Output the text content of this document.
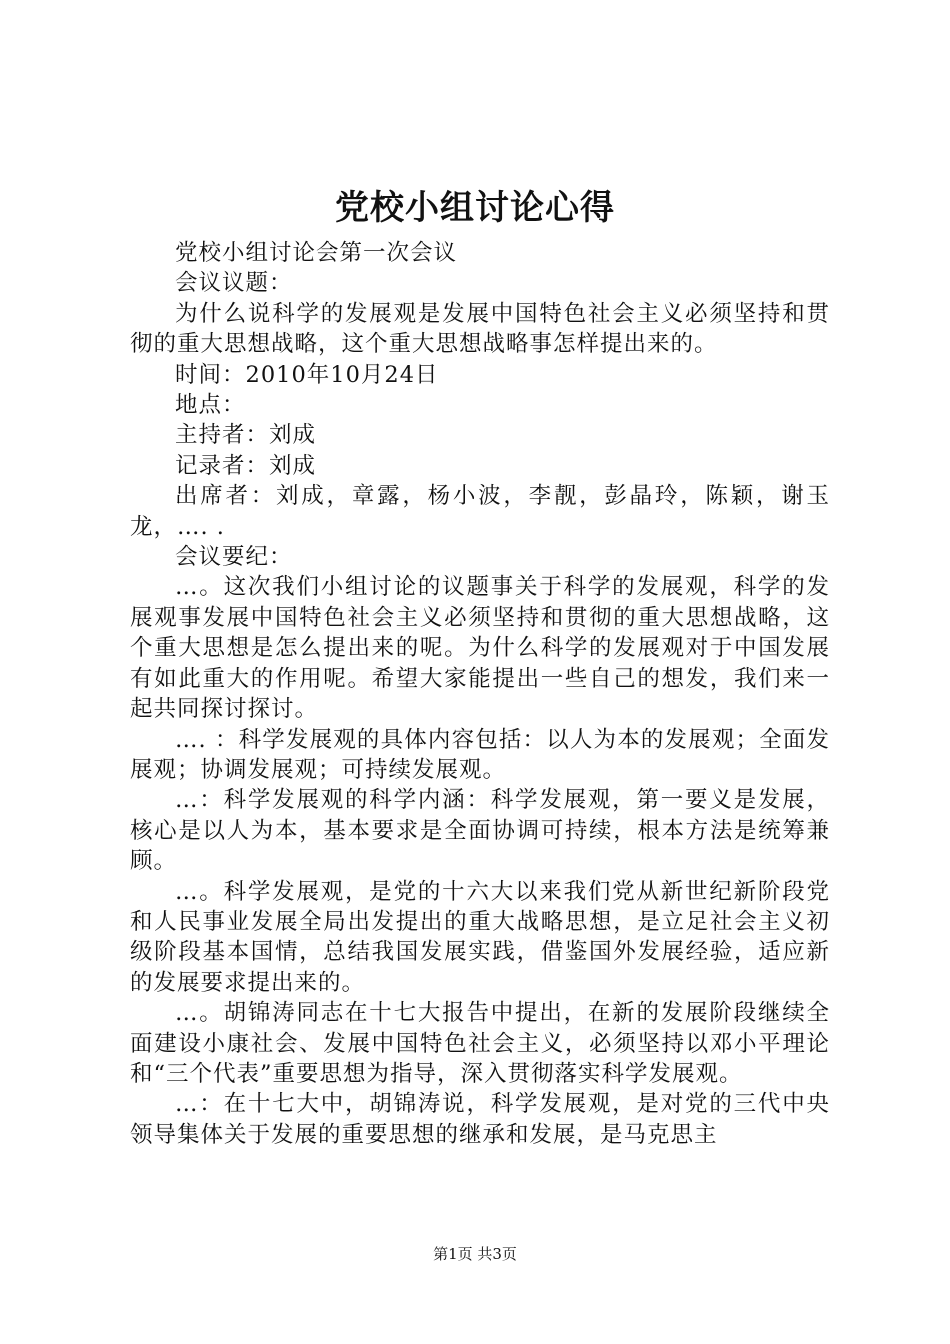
党校小组讨论心得

党校小组讨论会第一次会议

会议议题：

为什么说科学的发展观是发展中国特色社会主义必须坚持和贯彻的重大思想战略，这个重大思想战略事怎样提出来的。

时间：2010年10月24日

地点：

主持者：刘成

记录者：刘成

出席者：刘成，章露，杨小波，李靓，彭晶玲，陈颖，谢玉龙，…. .

会议要纪：

…。这次我们小组讨论的议题事关于科学的发展观，科学的发展观事发展中国特色社会主义必须坚持和贯彻的重大思想战略，这个重大思想是怎么提出来的呢。为什么科学的发展观对于中国发展有如此重大的作用呢。希望大家能提出一些自己的想发，我们来一起共同探讨探讨。

…. ：科学发展观的具体内容包括：以人为本的发展观；全面发展观；协调发展观；可持续发展观。

…：科学发展观的科学内涵：科学发展观，第一要义是发展，核心是以人为本，基本要求是全面协调可持续，根本方法是统筹兼顾。

…。科学发展观，是党的十六大以来我们党从新世纪新阶段党和人民事业发展全局出发提出的重大战略思想，是立足社会主义初级阶段基本国情，总结我国发展实践，借鉴国外发展经验，适应新的发展要求提出来的。

…。胡锦涛同志在十七大报告中提出，在新的发展阶段继续全面建设小康社会、发展中国特色社会主义，必须坚持以邓小平理论和“三个代表”重要思想为指导，深入贯彻落实科学发展观。

…：在十七大中，胡锦涛说，科学发展观，是对党的三代中央领导集体关于发展的重要思想的继承和发展，是马克思主

第1页 共3页
